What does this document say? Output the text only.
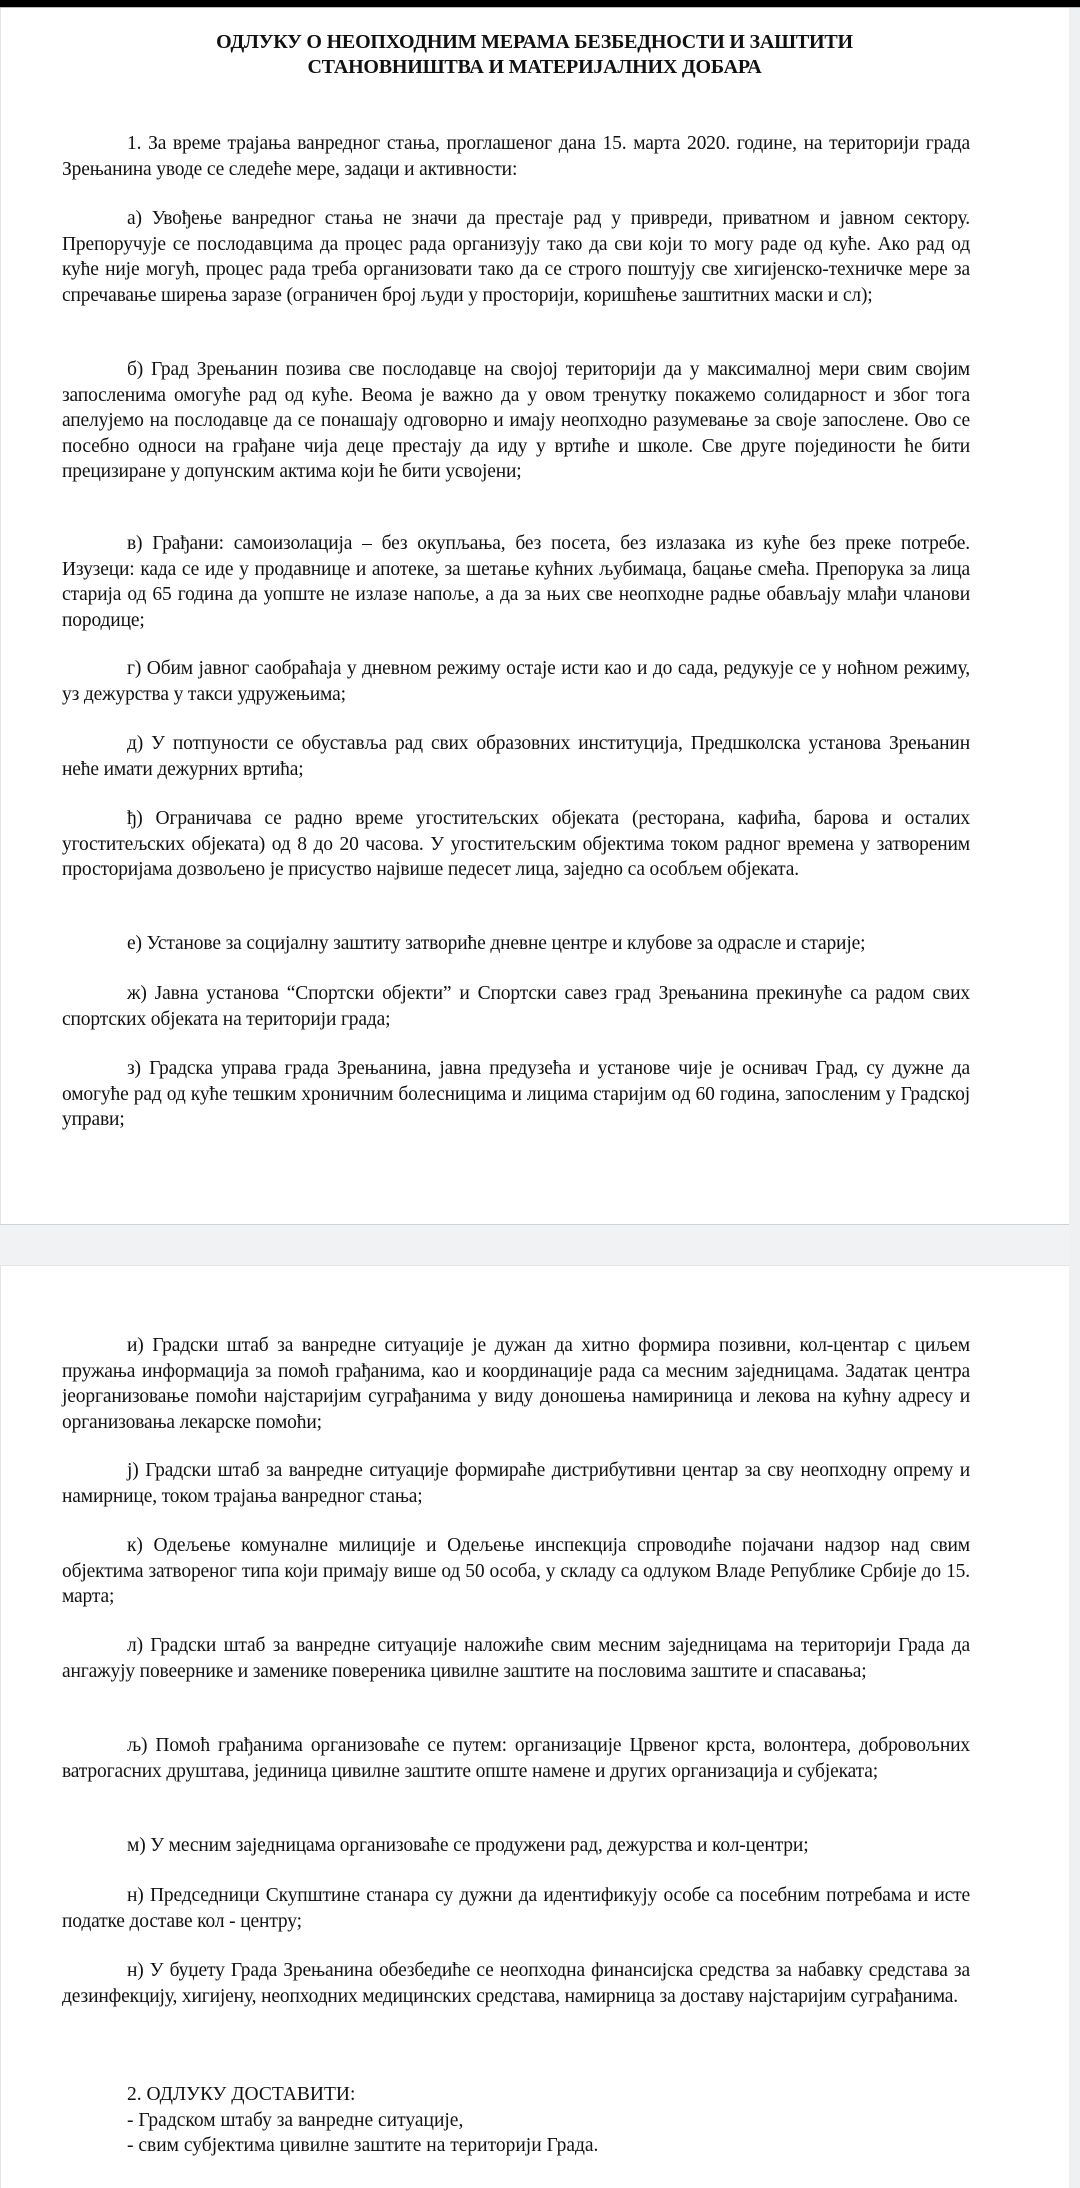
ОДЛУКУ О НЕОПХОДНИМ МЕРАМА БЕЗБЕДНОСТИ И ЗАШТИТИ
СТАНОВНИШТВА И МАТЕРИЈАЛНИХ ДОБАРА
1. За време трајања ванредног стања, проглашеног дана 15. марта 2020. године, на територији града Зрењанина уводе се следеће мере, задаци и активности:
а) Увођење ванредног стања не значи да престаје рад у привреди, приватном и јавном сектору. Препоручује се послодавцима да процес рада организују тако да сви који то могу раде од куће. Ако рад од куће није могућ, процес рада треба организовати тако да се строго поштују све хигијенско-техничке мере за спречавање ширења заразе (ограничен број људи у просторији, коришћење заштитних маски и сл);
б) Град Зрењанин позива све послодавце на својој територији да у максималној мери свим својим запосленима омогуће рад од куће. Веома је важно да у овом тренутку покажемо солидарност и због тога апелујемо на послодавце да се понашају одговорно и имају неопходно разумевање за своје запослене. Ово се посебно односи на грађане чија деце престају да иду у вртиће и школе. Све друге појединости ће бити прецизиране у допунским актима који ће бити усвојени;
в) Грађани: самоизолација – без окупљања, без посета, без излазака из куће без преке потребе. Изузеци: када се иде у продавнице и апотеке, за шетање кућних љубимаца, бацање смећа. Препорука за лица старија од 65 година да уопште не излазе напоље, а да за њих све неопходне радње обављају млађи чланови породице;
г) Обим јавног саобраћаја у дневном режиму остаје исти као и до сада, редукује се у ноћном режиму, уз дежурства у такси удружењима;
д) У потпуности се обуставља рад свих образовних институција, Предшколска установа Зрењанин неће имати дежурних вртића;
ђ) Ограничава се радно време угоститељских објеката (ресторана, кафића, барова и осталих угоститељских објеката) од 8 до 20 часова. У угоститељским објектима током радног времена у затвореним просторијама дозвољено је присуство највише педесет лица, заједно са особљем објеката.
е) Установе за социјалну заштиту затвориће дневне центре и клубове за одрасле и старије;
ж) Јавна установа “Спортски објекти” и Спортски савез град Зрењанина прекинуће са радом свих спортских објеката на територији града;
з) Градска управа града Зрењанина, јавна предузећа и установе чије је оснивач Град, су дужне да омогуће рад од куће тешким хроничним болесницима и лицима старијим од 60 година, запосленим у Градској управи;
и) Градски штаб за ванредне ситуације је дужан да хитно формира позивни, кол-центар с циљем пружања информација за помоћ грађанима, као и координације рада са месним заједницама. Задатак центра јеорганизовање помоћи најстаријим суграђанима у виду доношења намириница и лекова на кућну адресу и организовања лекарске помоћи;
ј) Градски штаб за ванредне ситуације формираће дистрибутивни центар за сву неопходну опрему и намирнице, током трајања ванредног стања;
к) Одељење комуналне милиције и Одељење инспекција спроводиће појачани надзор над свим објектима затвореног типа који примају више од 50 особа, у складу са одлуком Владе Републике Србије до 15. марта;
л) Градски штаб за ванредне ситуације наложиће свим месним заједницама на територији Града да ангажују повеернике и заменике повереника цивилне заштите на пословима заштите и спасавања;
љ) Помоћ грађанима организоваће се путем: организације Црвеног крста, волонтера, добровољних ватрогасних друштава, јединица цивилне заштите опште намене и других организација и субјеката;
м) У месним заједницама организоваће се продужени рад, дежурства и кол-центри;
н) Председници Скупштине станара су дужни да идентификују особе са посебним потребама и исте податке доставе кол - центру;
н) У буџету Града Зрењанина обезбедиће се неопходна финансијска средства за набавку средстава за дезинфекцију, хигијену, неопходних медицинских средстава, намирница за доставу најстаријим суграђанима.
2. ОДЛУКУ ДОСТАВИТИ:
- Градском штабу за ванредне ситуације,
- свим субјектима цивилне заштите на територији Града.
